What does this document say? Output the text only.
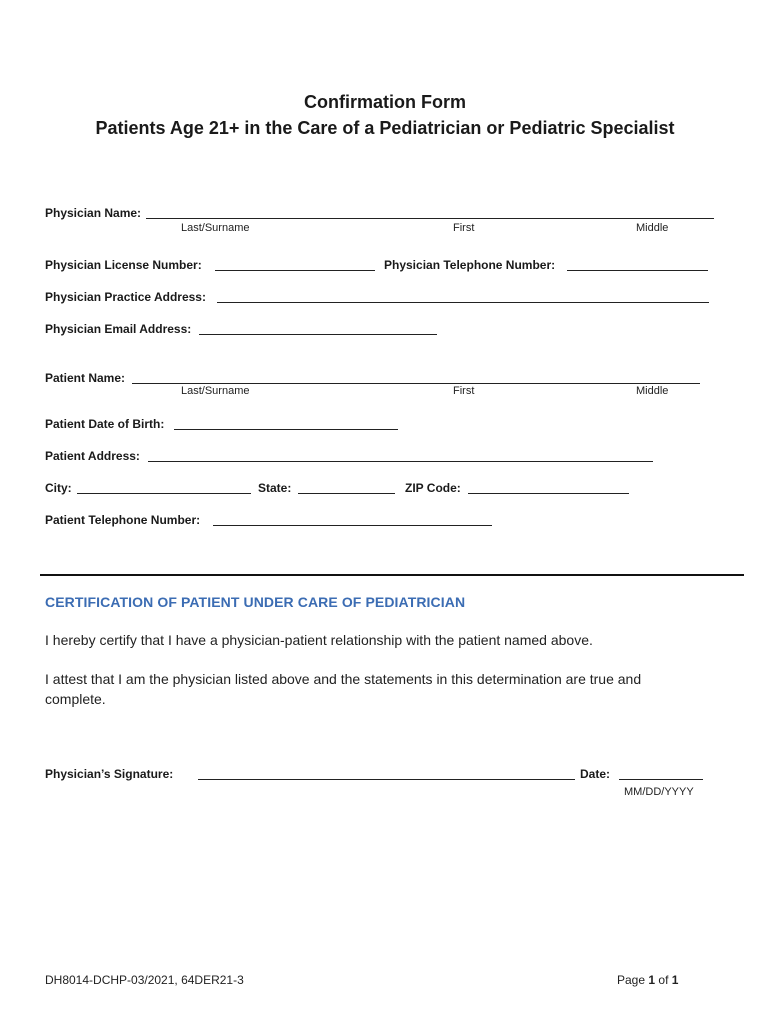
Confirmation Form
Patients Age 21+ in the Care of a Pediatrician or Pediatric Specialist
Physician Name:
Last/Surname	First	Middle
Physician License Number:	Physician Telephone Number:
Physician Practice Address:
Physician Email Address:
Patient Name:
Last/Surname	First	Middle
Patient Date of Birth:
Patient Address:
City:	State:	ZIP Code:
Patient Telephone Number:
CERTIFICATION OF PATIENT UNDER CARE OF PEDIATRICIAN
I hereby certify that I have a physician-patient relationship with the patient named above.
I attest that I am the physician listed above and the statements in this determination are true and complete.
Physician’s Signature:	Date:
MM/DD/YYYY
DH8014-DCHP-03/2021, 64DER21-3	Page 1 of 1
